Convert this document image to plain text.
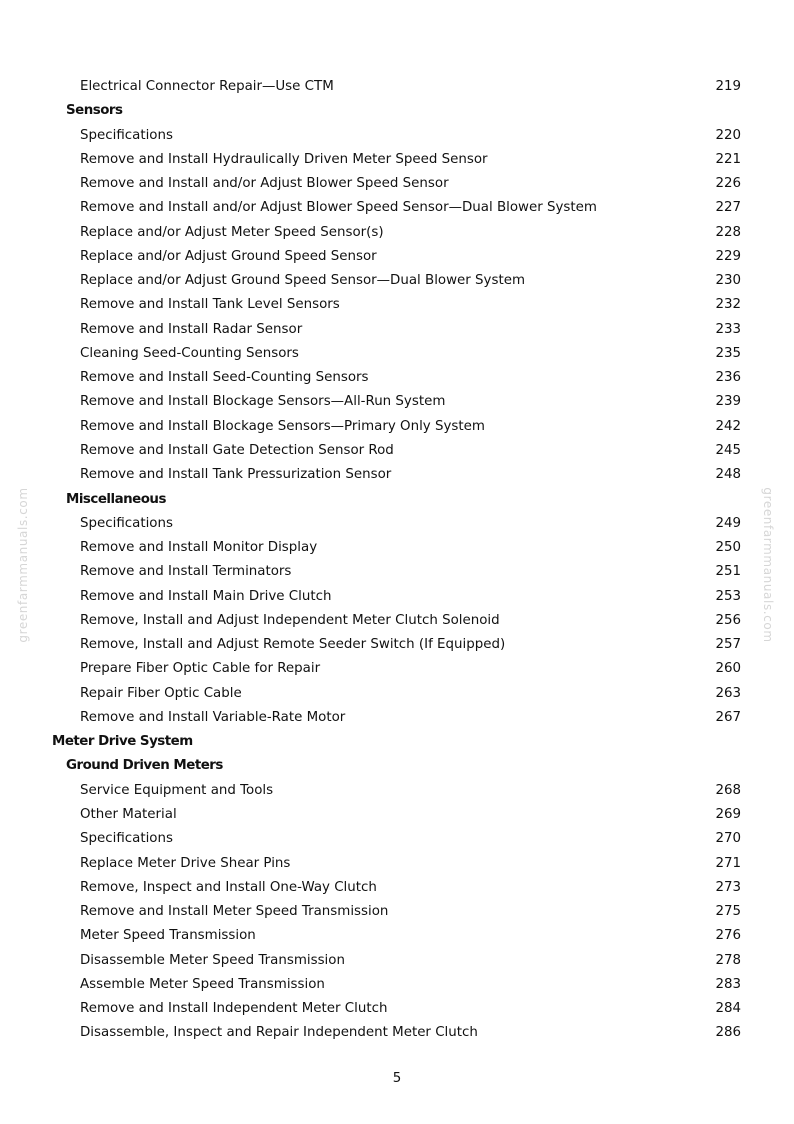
greenfarmmanuals.com	greenfarmmanuals.com
Electrical Connector Repair—Use CTM	219
Sensors
Specifications	220
Remove and Install Hydraulically Driven Meter Speed Sensor	221
Remove and Install and/or Adjust Blower Speed Sensor	226
Remove and Install and/or Adjust Blower Speed Sensor—Dual Blower System	227
Replace and/or Adjust Meter Speed Sensor(s)	228
Replace and/or Adjust Ground Speed Sensor	229
Replace and/or Adjust Ground Speed Sensor—Dual Blower System	230
Remove and Install Tank Level Sensors	232
Remove and Install Radar Sensor	233
Cleaning Seed-Counting Sensors	235
Remove and Install Seed-Counting Sensors	236
Remove and Install Blockage Sensors—All-Run System	239
Remove and Install Blockage Sensors—Primary Only System	242
Remove and Install Gate Detection Sensor Rod	245
Remove and Install Tank Pressurization Sensor	248
Miscellaneous
Specifications	249
Remove and Install Monitor Display	250
Remove and Install Terminators	251
Remove and Install Main Drive Clutch	253
Remove, Install and Adjust Independent Meter Clutch Solenoid	256
Remove, Install and Adjust Remote Seeder Switch (If Equipped)	257
Prepare Fiber Optic Cable for Repair	260
Repair Fiber Optic Cable	263
Remove and Install Variable-Rate Motor	267
Meter Drive System
Ground Driven Meters
Service Equipment and Tools	268
Other Material	269
Specifications	270
Replace Meter Drive Shear Pins	271
Remove, Inspect and Install One-Way Clutch	273
Remove and Install Meter Speed Transmission	275
Meter Speed Transmission	276
Disassemble Meter Speed Transmission	278
Assemble Meter Speed Transmission	283
Remove and Install Independent Meter Clutch	284
Disassemble, Inspect and Repair Independent Meter Clutch	286
5
